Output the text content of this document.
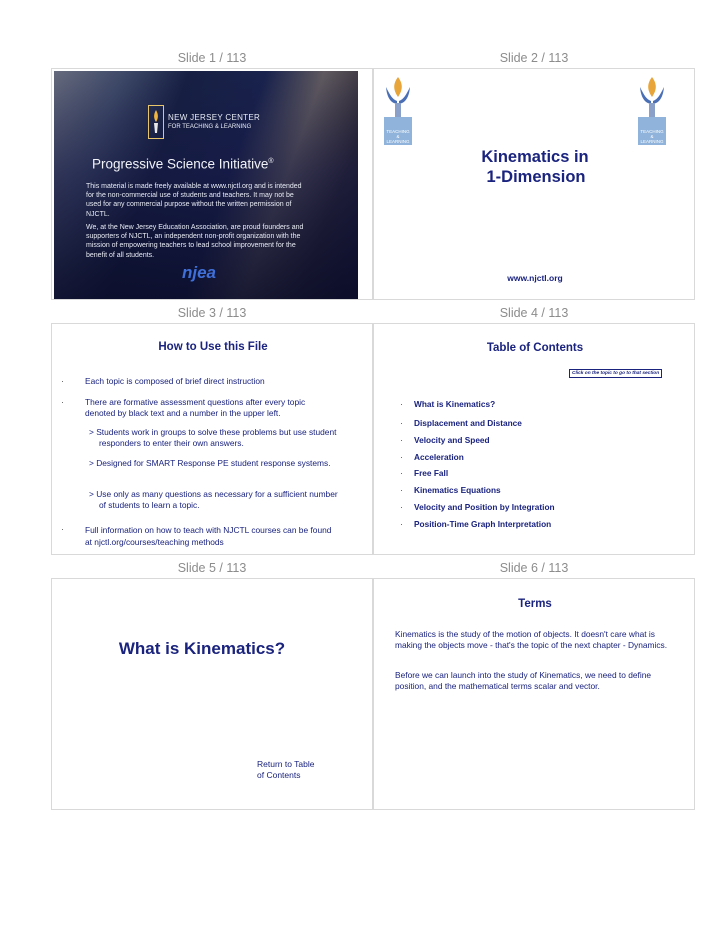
Slide 1 / 113	Slide 2 / 113
NEW JERSEY CENTER
FOR TEACHING & LEARNING
Progressive Science Initiative®
This material is made freely available at www.njctl.org and is intended for the non-commercial use of students and teachers. It may not be used for any commercial purpose without the written permission of NJCTL.
We, at the New Jersey Education Association, are proud founders and supporters of NJCTL, an independent non-profit organization with the mission of empowering teachers to lead school improvement for the benefit of all students.
njea
TEACHING & LEARNING
TEACHING & LEARNING
Kinematics in
1-Dimension
www.njctl.org
Slide 3 / 113	Slide 4 / 113
How to Use this File
·	Each topic is composed of brief direct instruction
·	There are formative assessment questions after every topic denoted by black text and a number in the upper left.
> Students work in groups to solve these problems but use student responders to enter their own answers.
> Designed for SMART Response PE student response systems.
> Use only as many questions as necessary for a sufficient number of students to learn a topic.
·	Full information on how to teach with NJCTL courses can be found at njctl.org/courses/teaching methods
Table of Contents
Click on the topic to go to that section
· What is Kinematics?
· Displacement and Distance
· Velocity and Speed
· Acceleration
· Free Fall
· Kinematics Equations
· Velocity and Position by Integration
· Position-Time Graph Interpretation
Slide 5 / 113	Slide 6 / 113
What is Kinematics?
Return to Table
of Contents
Terms
Kinematics is the study of the motion of objects. It doesn't care what is making the objects move - that's the topic of the next chapter - Dynamics.
Before we can launch into the study of Kinematics, we need to define position, and the mathematical terms scalar and vector.
